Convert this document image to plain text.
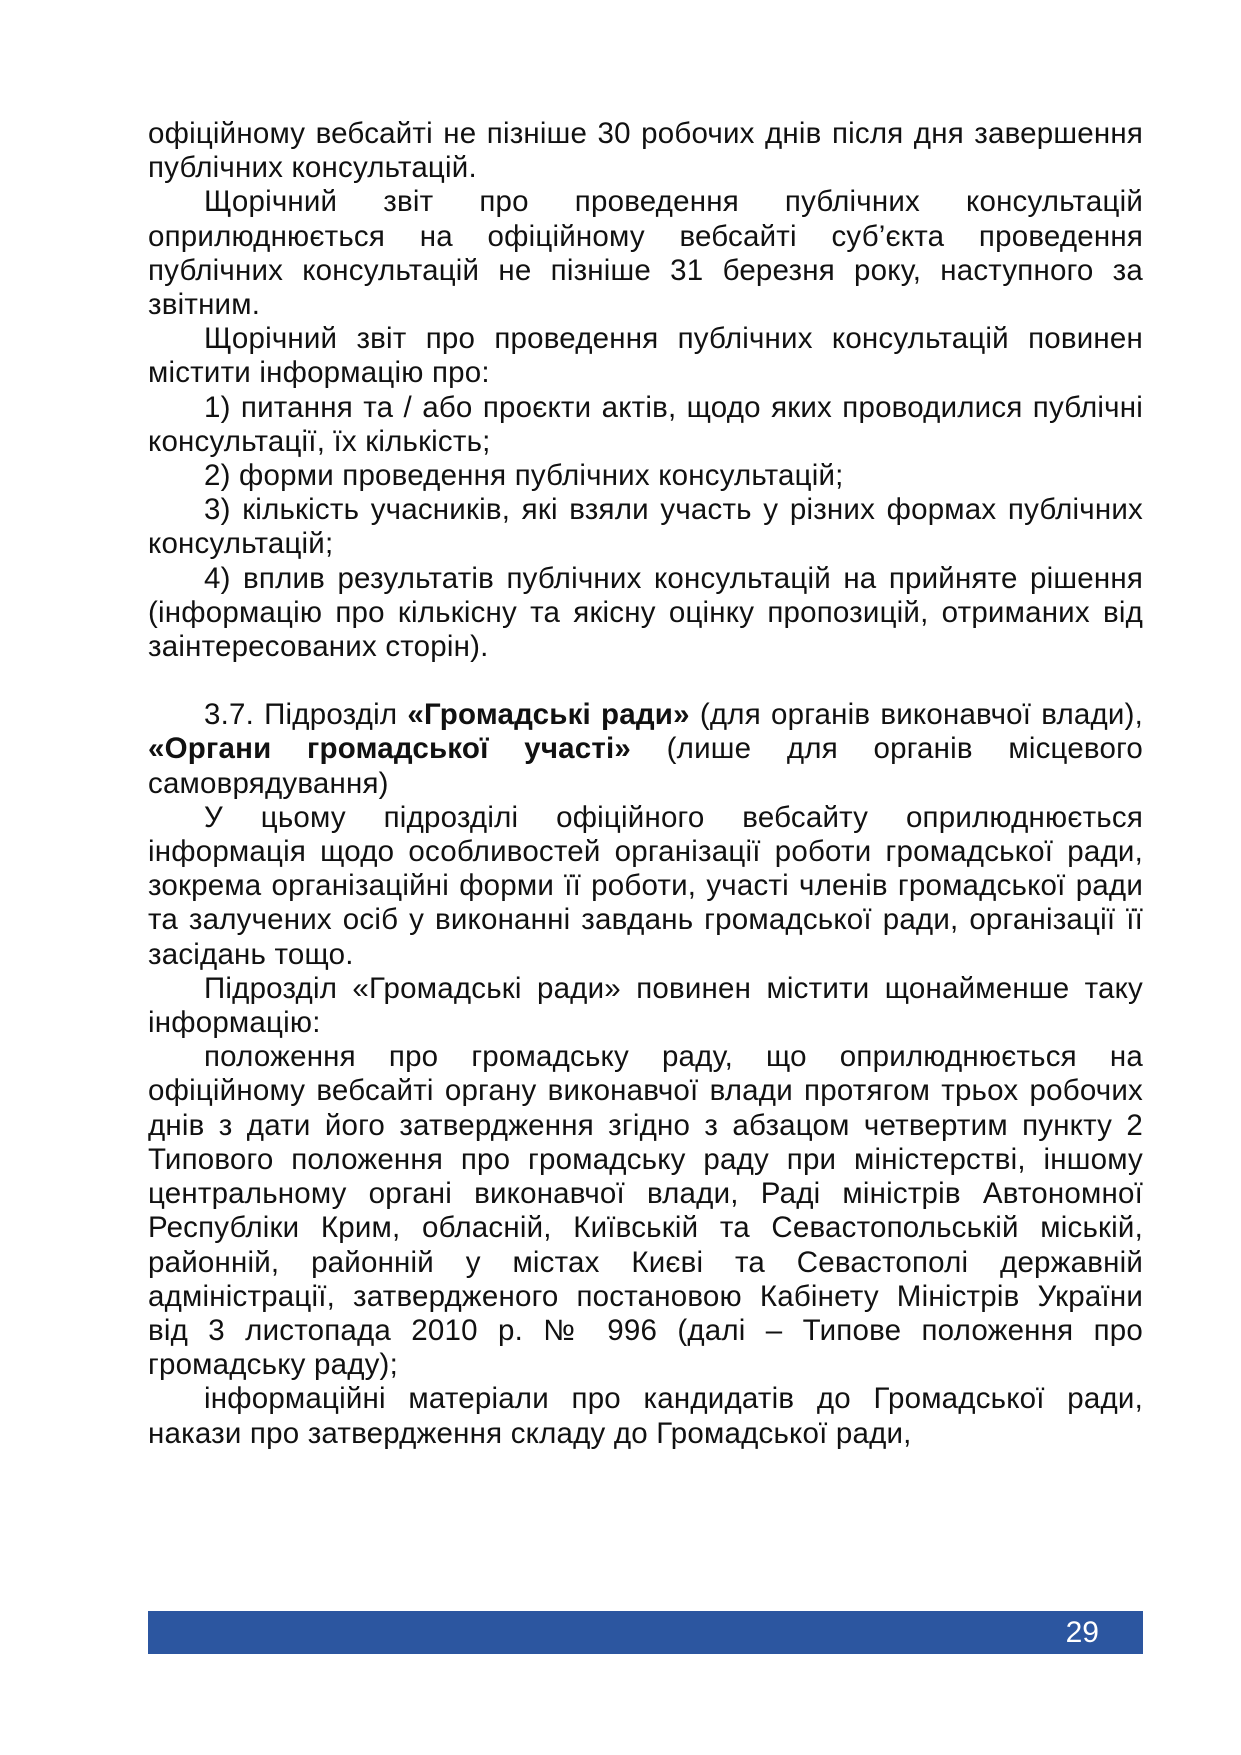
офіційному вебсайті не пізніше 30 робочих днів після дня завершення публічних консультацій.

Щорічний звіт про проведення публічних консультацій оприлюднюється на офіційному вебсайті суб’єкта проведення публічних консультацій не пізніше 31 березня року, наступного за звітним.

Щорічний звіт про проведення публічних консультацій повинен містити інформацію про:

1) питання та / або проєкти актів, щодо яких проводилися публічні консультації, їх кількість;

2) форми проведення публічних консультацій;

3) кількість учасників, які взяли участь у різних формах публічних консультацій;

4) вплив результатів публічних консультацій на прийняте рішення (інформацію про кількісну та якісну оцінку пропозицій, отриманих від заінтересованих сторін).

3.7. Підрозділ «Громадські ради» (для органів виконавчої влади), «Органи громадської участі» (лише для органів місцевого самоврядування)

У цьому підрозділі офіційного вебсайту оприлюднюється інформація щодо особливостей організації роботи громадської ради, зокрема організаційні форми її роботи, участі членів громадської ради та залучених осіб у виконанні завдань громадської ради, організації її засідань тощо.

Підрозділ «Громадські ради» повинен містити щонайменше таку інформацію:

положення про громадську раду, що оприлюднюється на офіційному вебсайті органу виконавчої влади протягом трьох робочих днів з дати його затвердження згідно з абзацом четвертим пункту 2 Типового положення про громадську раду при міністерстві, іншому центральному органі виконавчої влади, Раді міністрів Автономної Республіки Крим, обласній, Київській та Севастопольській міській, районній, районній у містах Києві та Севастополі державній адміністрації, затвердженого постановою Кабінету Міністрів України від 3 листопада 2010 р. № 996 (далі – Типове положення про громадську раду);

інформаційні матеріали про кандидатів до Громадської ради, накази про затвердження складу до Громадської ради,

29
